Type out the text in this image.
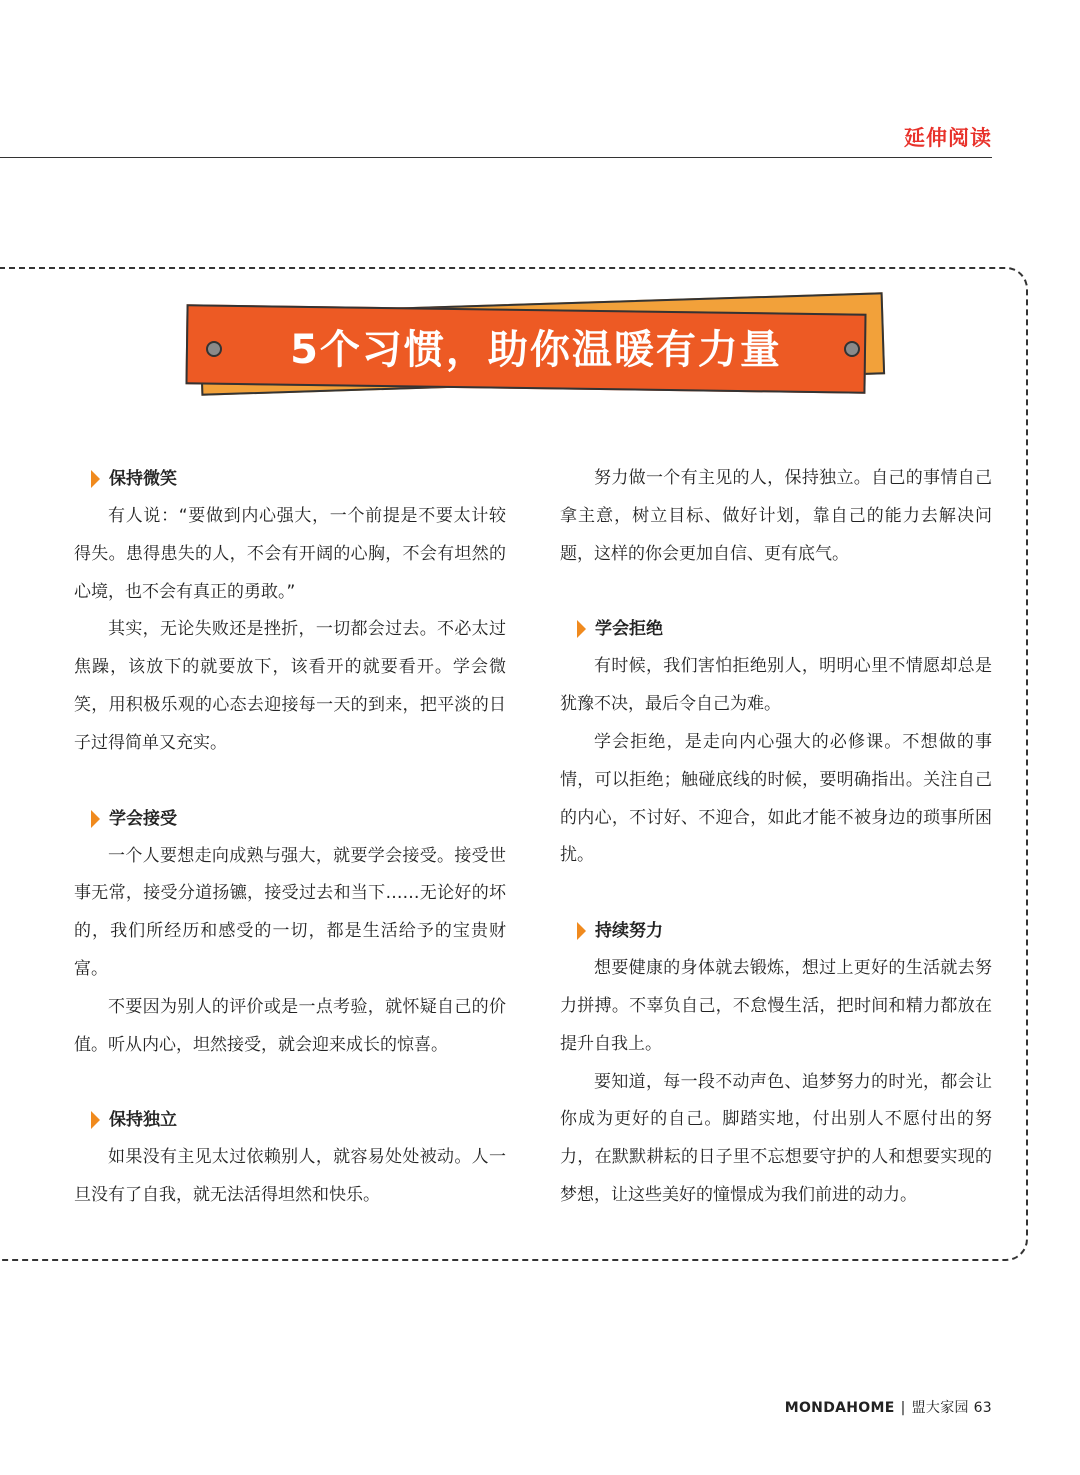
延伸阅读
5个习惯，助你温暖有力量
保持微笑
有人说：“要做到内心强大，一个前提是不要太计较得失。患得患失的人，不会有开阔的心胸，不会有坦然的心境，也不会有真正的勇敢。”
其实，无论失败还是挫折，一切都会过去。不必太过焦躁，该放下的就要放下，该看开的就要看开。学会微笑，用积极乐观的心态去迎接每一天的到来，把平淡的日子过得简单又充实。
学会接受
一个人要想走向成熟与强大，就要学会接受。接受世事无常，接受分道扬镳，接受过去和当下……无论好的坏的，我们所经历和感受的一切，都是生活给予的宝贵财富。
不要因为别人的评价或是一点考验，就怀疑自己的价值。听从内心，坦然接受，就会迎来成长的惊喜。
保持独立
如果没有主见太过依赖别人，就容易处处被动。人一旦没有了自我，就无法活得坦然和快乐。
努力做一个有主见的人，保持独立。自己的事情自己拿主意，树立目标、做好计划，靠自己的能力去解决问题，这样的你会更加自信、更有底气。
学会拒绝
有时候，我们害怕拒绝别人，明明心里不情愿却总是犹豫不决，最后令自己为难。
学会拒绝，是走向内心强大的必修课。不想做的事情，可以拒绝；触碰底线的时候，要明确指出。关注自己的内心，不讨好、不迎合，如此才能不被身边的琐事所困扰。
持续努力
想要健康的身体就去锻炼，想过上更好的生活就去努力拼搏。不辜负自己，不怠慢生活，把时间和精力都放在提升自我上。
要知道，每一段不动声色、追梦努力的时光，都会让你成为更好的自己。脚踏实地，付出别人不愿付出的努力，在默默耕耘的日子里不忘想要守护的人和想要实现的梦想，让这些美好的憧憬成为我们前进的动力。
MONDAHOME | 盟大家园 63
